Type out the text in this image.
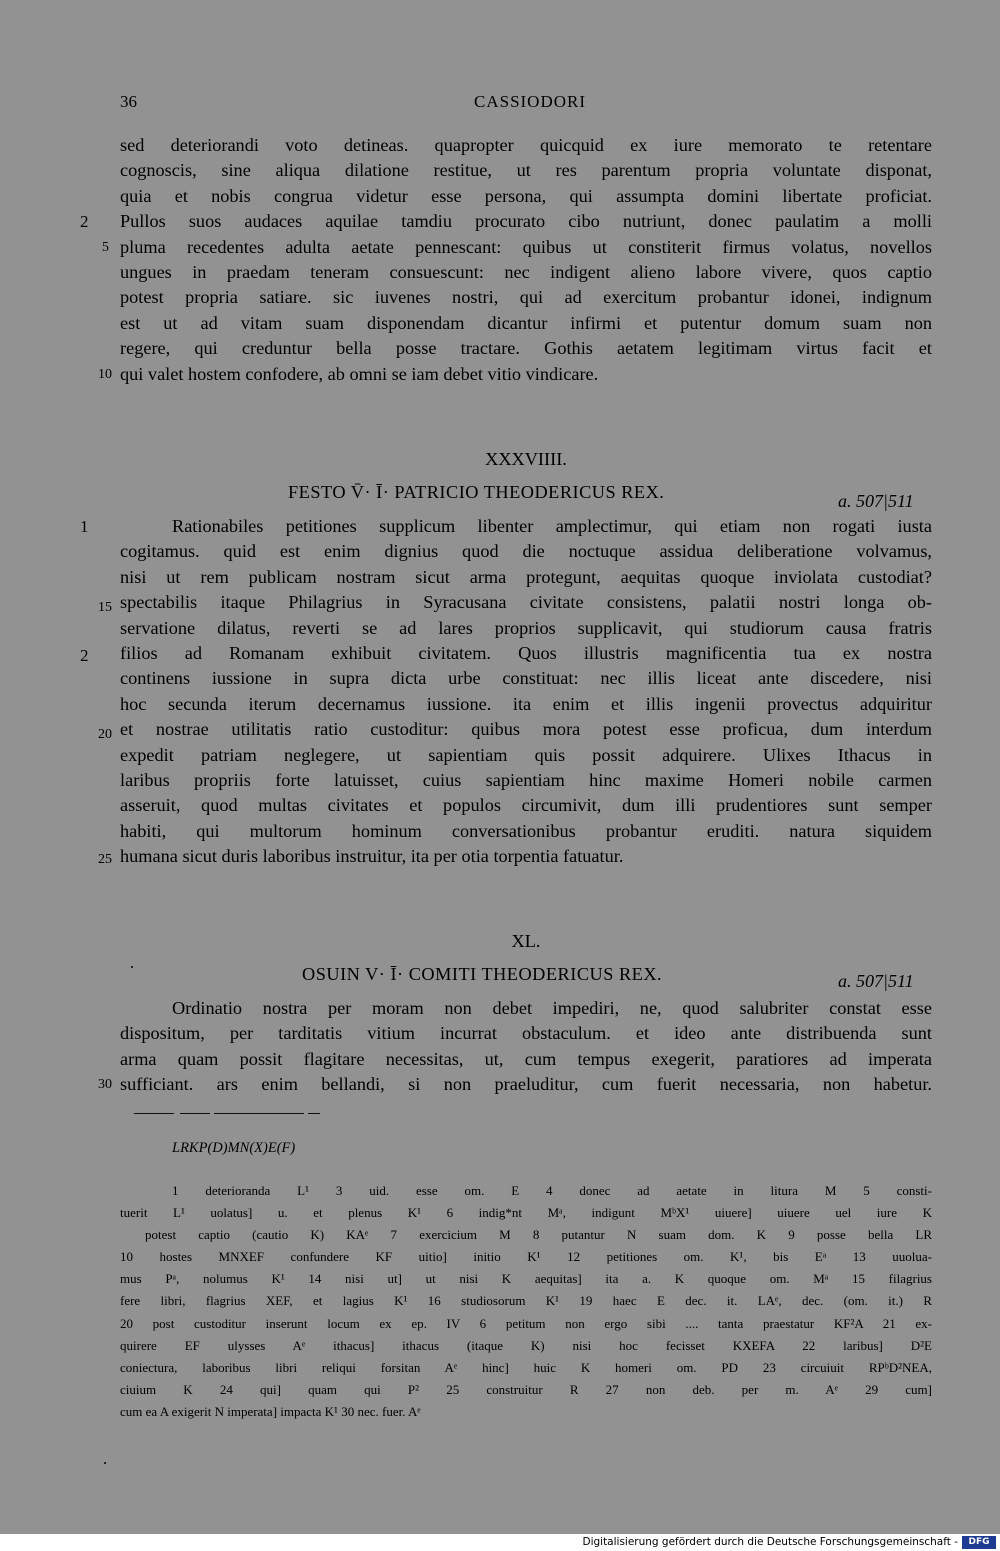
36	CASSIODORI
2
5
10
sed deteriorandi voto detineas. quapropter quicquid ex iure memorato te retentare
cognoscis, sine aliqua dilatione restitue, ut res parentum propria voluntate disponat,
quia et nobis congrua videtur esse persona, qui assumpta domini libertate proficiat.
Pullos suos audaces aquilae tamdiu procurato cibo nutriunt, donec paulatim a molli
pluma recedentes adulta aetate pennescant: quibus ut constiterit firmus volatus, novellos
ungues in praedam teneram consuescunt: nec indigent alieno labore vivere, quos captio
potest propria satiare. sic iuvenes nostri, qui ad exercitum probantur idonei, indignum
est ut ad vitam suam disponendam dicantur infirmi et putentur domum suam non
regere, qui creduntur bella posse tractare. Gothis aetatem legitimam virtus facit et
qui valet hostem confodere, ab omni se iam debet vitio vindicare.
XXXVIIII.
FESTO V̄· Ī· PATRICIO THEODERICUS REX.	a. 507|511
1
15
2
20
25
Rationabiles petitiones supplicum libenter amplectimur, qui etiam non rogati iusta
cogitamus. quid est enim dignius quod die noctuque assidua deliberatione volvamus,
nisi ut rem publicam nostram sicut arma protegunt, aequitas quoque inviolata custodiat?
spectabilis itaque Philagrius in Syracusana civitate consistens, palatii nostri longa ob-
servatione dilatus, reverti se ad lares proprios supplicavit, qui studiorum causa fratris
filios ad Romanam exhibuit civitatem. Quos illustris magnificentia tua ex nostra
continens iussione in supra dicta urbe constituat: nec illis liceat ante discedere, nisi
hoc secunda iterum decernamus iussione. ita enim et illis ingenii provectus adquiritur
et nostrae utilitatis ratio custoditur: quibus mora potest esse proficua, dum interdum
expedit patriam neglegere, ut sapientiam quis possit adquirere. Ulixes Ithacus in
laribus propriis forte latuisset, cuius sapientiam hinc maxime Homeri nobile carmen
asseruit, quod multas civitates et populos circumivit, dum illi prudentiores sunt semper
habiti, qui multorum hominum conversationibus probantur eruditi. natura siquidem
humana sicut duris laboribus instruitur, ita per otia torpentia fatuatur.
XL.
OSUIN V· Ī· COMITI THEODERICUS REX.	a. 507|511
30
Ordinatio nostra per moram non debet impediri, ne, quod salubriter constat esse
dispositum, per tarditatis vitium incurrat obstaculum. et ideo ante distribuenda sunt
arma quam possit flagitare necessitas, ut, cum tempus exegerit, paratiores ad imperata
sufficiant. ars enim bellandi, si non praeluditur, cum fuerit necessaria, non habetur.
LRKP(D)MN(X)E(F)
1 deterioranda L¹ 3 uid. esse om. E 4 donec ad aetate in litura M 5 consti-
tuerit L¹ uolatus] u. et plenus K¹ 6 indig*nt Mᵃ, indigunt MᵇX¹ uiuere] uiuere uel iure K
potest captio (cautio K) KAᵉ 7 exercicium M 8 putantur N suam dom. K 9 posse bella LR
10 hostes MNXEF confundere KF uitio] initio K¹ 12 petitiones om. K¹, bis Eᵃ 13 uuolua-
mus Pᵃ, nolumus K¹ 14 nisi ut] ut nisi K aequitas] ita a. K quoque om. Mᵃ 15 filagrius
fere libri, flagrius XEF, et lagius K¹ 16 studiosorum K¹ 19 haec E dec. it. LAᵉ, dec. (om. it.) R
20 post custoditur inserunt locum ex ep. IV 6 petitum non ergo sibi .... tanta praestatur KF²A 21 ex-
quirere EF ulysses Aᵉ ithacus] ithacus (itaque K) nisi hoc fecisset KXEFA 22 laribus] D²E
coniectura, laboribus libri reliqui forsitan Aᵉ hinc] huic K homeri om. PD 23 circuiuit RPᵇD²NEA,
ciuium K 24 qui] quam qui P² 25 construitur R 27 non deb. per m. Aᵉ 29 cum]
cum ea A exigerit N imperata] impacta K¹ 30 nec. fuer. Aᵉ
Digitalisierung gefördert durch die Deutsche Forschungsgemeinschaft -	DFG
